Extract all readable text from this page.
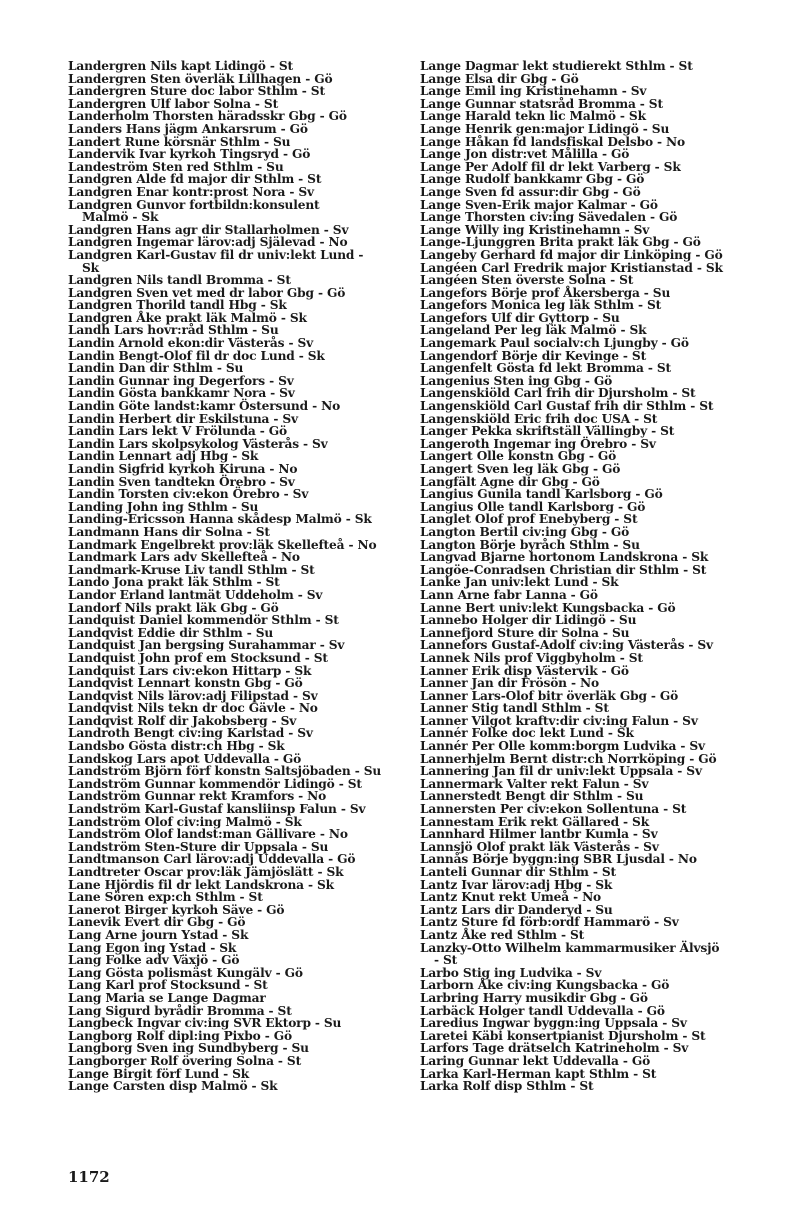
Landergren Nils kapt Lidingö - St
Landergren Sten överläk Lillhagen - Gö
Landergren Sture doc labor Sthlm - St
Landergren Ulf labor Solna - St
Landerholm Thorsten häradsskr Gbg - Gö
Landers Hans jägm Ankarsrum - Gö
Landert Rune körsnär Sthlm - Su
Landervik Ivar kyrkoh Tingsryd - Gö
Landeström Sten red Sthlm - Su
Landgren Alde fd major dir Sthlm - St
Landgren Enar kontr:prost Nora - Sv
Landgren Gunvor fortbildn:konsulent Malmö - Sk
Landgren Hans agr dir Stallarholmen - Sv
Landgren Ingemar lärov:adj Själevad - No
Landgren Karl-Gustav fil dr univ:lekt Lund - Sk
Landgren Nils tandl Bromma - St
Landgren Sven vet med dr labor Gbg - Gö
Landgren Thorild tandl Hbg - Sk
Landgren Åke prakt läk Malmö - Sk
Landh Lars hovr:råd Sthlm - Su
Landin Arnold ekon:dir Västerås - Sv
Landin Bengt-Olof fil dr doc Lund - Sk
Landin Dan dir Sthlm - Su
Landin Gunnar ing Degerfors - Sv
Landin Gösta bankkamr Nora - Sv
Landin Göte landst:kamr Östersund - No
Landin Herbert dir Eskilstuna - Sv
Landin Lars lekt V Frölunda - Gö
Landin Lars skolpsykolog Västerås - Sv
Landin Lennart adj Hbg - Sk
Landin Sigfrid kyrkoh Kiruna - No
Landin Sven tandtekn Örebro - Sv
Landin Torsten civ:ekon Örebro - Sv
Landing John ing Sthlm - Su
Landing-Ericsson Hanna skådesp Malmö - Sk
Landmann Hans dir Solna - St
Landmark Engelbrekt prov:läk Skellefteå - No
Landmark Lars adv Skellefteå - No
Landmark-Kruse Liv tandl Sthlm - St
Lando Jona prakt läk Sthlm - St
Landor Erland lantmät Uddeholm - Sv
Landorf Nils prakt läk Gbg - Gö
Landquist Daniel kommendör Sthlm - St
Landqvist Eddie dir Sthlm - Su
Landquist Jan bergsing Surahammar - Sv
Landquist John prof em Stocksund - St
Landquist Lars civ:ekon Hittarp - Sk
Landqvist Lennart konstn Gbg - Gö
Landqvist Nils lärov:adj Filipstad - Sv
Landqvist Nils tekn dr doc Gävle - No
Landqvist Rolf dir Jakobsberg - Sv
Landroth Bengt civ:ing Karlstad - Sv
Landsbo Gösta distr:ch Hbg - Sk
Landskog Lars apot Uddevalla - Gö
Landström Björn förf konstn Saltsjöbaden - Su
Landström Gunnar kommendör Lidingö - St
Landström Gunnar rekt Kramfors - No
Landström Karl-Gustaf kansliinsp Falun - Sv
Landström Olof civ:ing Malmö - Sk
Landström Olof landst:man Gällivare - No
Landström Sten-Sture dir Uppsala - Su
Landtmanson Carl lärov:adj Uddevalla - Gö
Landtreter Oscar prov:läk Jämjöslätt - Sk
Lane Hjördis fil dr lekt Landskrona - Sk
Lane Sören exp:ch Sthlm - St
Lanerot Birger kyrkoh Säve - Gö
Lanevik Evert dir Gbg - Gö
Lang Arne journ Ystad - Sk
Lang Egon ing Ystad - Sk
Lang Folke adv Växjö - Gö
Lang Gösta polismäst Kungälv - Gö
Lang Karl prof Stocksund - St
Lang Maria se Lange Dagmar
Lang Sigurd byrådir Bromma - St
Langbeck Ingvar civ:ing SVR Ektorp - Su
Langborg Rolf dipl:ing Pixbo - Gö
Langborg Sven ing Sundbyberg - Su
Langborger Rolf övering Solna - St
Lange Birgit förf Lund - Sk
Lange Carsten disp Malmö - Sk
Lange Dagmar lekt studierekt Sthlm - St
Lange Elsa dir Gbg - Gö
Lange Emil ing Kristinehamn - Sv
Lange Gunnar statsråd Bromma - St
Lange Harald tekn lic Malmö - Sk
Lange Henrik gen:major Lidingö - Su
Lange Håkan fd landsfiskal Delsbo - No
Lange Jon distr:vet Målilla - Gö
Lange Per Adolf fil dr lekt Varberg - Sk
Lange Rudolf bankkamr Gbg - Gö
Lange Sven fd assur:dir Gbg - Gö
Lange Sven-Erik major Kalmar - Gö
Lange Thorsten civ:ing Sävedalen - Gö
Lange Willy ing Kristinehamn - Sv
Lange-Ljunggren Brita prakt läk Gbg - Gö
Langeby Gerhard fd major dir Linköping - Gö
Langéen Carl Fredrik major Kristianstad - Sk
Langéen Sten överste Solna - St
Langefors Börje prof Åkersberga - Su
Langefors Monica leg läk Sthlm - St
Langefors Ulf dir Gyttorp - Su
Langeland Per leg läk Malmö - Sk
Langemark Paul socialv:ch Ljungby - Gö
Langendorf Börje dir Kevinge - St
Langenfelt Gösta fd lekt Bromma - St
Langenius Sten ing Gbg - Gö
Langenskiöld Carl frih dir Djursholm - St
Langenskiöld Carl Gustaf frih dir Sthlm - St
Langenskiöld Eric frih doc USA - St
Langer Pekka skriftställ Vällingby - St
Langeroth Ingemar ing Örebro - Sv
Langert Olle konstn Gbg - Gö
Langert Sven leg läk Gbg - Gö
Langfält Agne dir Gbg - Gö
Langius Gunila tandl Karlsborg - Gö
Langius Olle tandl Karlsborg - Gö
Langlet Olof prof Enebyberg - St
Langton Bertil civ:ing Gbg - Gö
Langton Börje byråch Sthlm - Su
Langvad Bjarne hortonom Landskrona - Sk
Langöe-Conradsen Christian dir Sthlm - St
Lanke Jan univ:lekt Lund - Sk
Lann Arne fabr Lanna - Gö
Lanne Bert univ:lekt Kungsbacka - Gö
Lannebo Holger dir Lidingö - Su
Lannefjord Sture dir Solna - Su
Lannefors Gustaf-Adolf civ:ing Västerås - Sv
Lannek Nils prof Viggbyholm - St
Lanner Erik disp Västervik - Gö
Lanner Jan dir Frösön - No
Lanner Lars-Olof bitr överläk Gbg - Gö
Lanner Stig tandl Sthlm - St
Lanner Vilgot kraftv:dir civ:ing Falun - Sv
Lannér Folke doc lekt Lund - Sk
Lannér Per Olle komm:borgm Ludvika - Sv
Lannerhjelm Bernt distr:ch Norrköping - Gö
Lannering Jan fil dr univ:lekt Uppsala - Sv
Lannermark Valter rekt Falun - Sv
Lannerstedt Bengt dir Sthlm - Su
Lannersten Per civ:ekon Sollentuna - St
Lannestam Erik rekt Gällared - Sk
Lannhard Hilmer lantbr Kumla - Sv
Lannsjö Olof prakt läk Västerås - Sv
Lannås Börje byggn:ing SBR Ljusdal - No
Lanteli Gunnar dir Sthlm - St
Lantz Ivar lärov:adj Hbg - Sk
Lantz Knut rekt Umeå - No
Lantz Lars dir Danderyd - Su
Lantz Sture fd förb:ordf Hammarö - Sv
Lantz Åke red Sthlm - St
Lanzky-Otto Wilhelm kammarmusiker Älvsjö - St
Larbo Stig ing Ludvika - Sv
Larborn Åke civ:ing Kungsbacka - Gö
Larbring Harry musikdir Gbg - Gö
Larbäck Holger tandl Uddevalla - Gö
Laredius Ingwar byggn:ing Uppsala - Sv
Laretei Käbi konsertpianist Djursholm - St
Larfors Tage drätselch Katrineholm - Sv
Laring Gunnar lekt Uddevalla - Gö
Larka Karl-Herman kapt Sthlm - St
Larka Rolf disp Sthlm - St
1172
